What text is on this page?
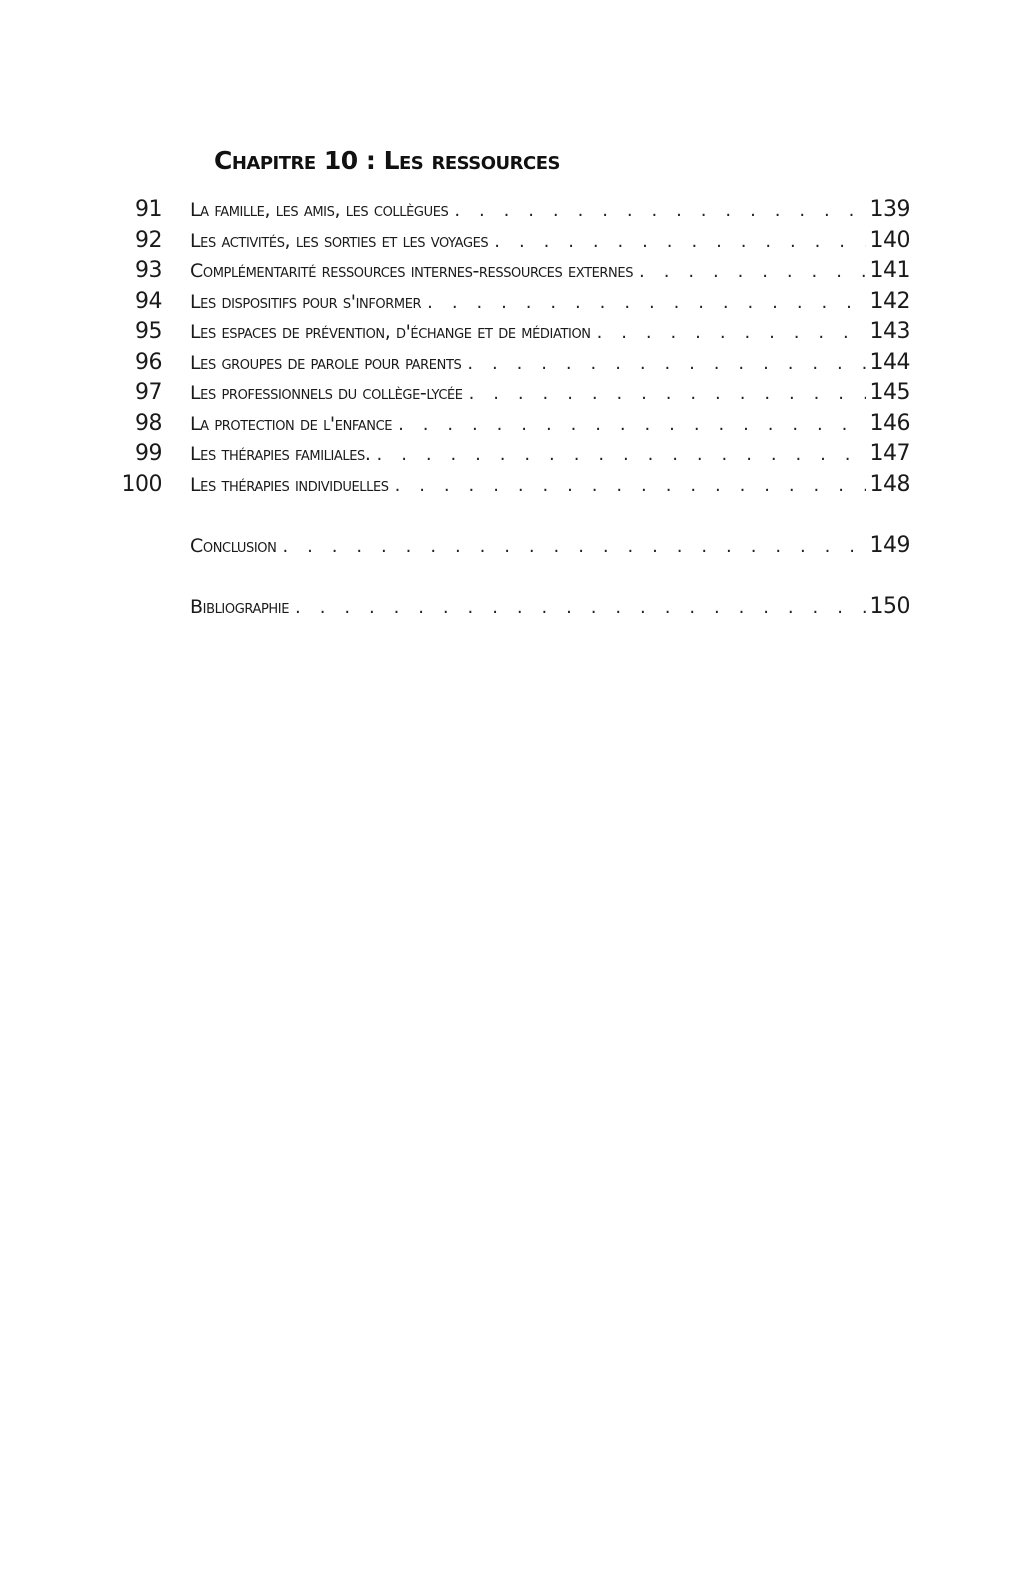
Chapitre 10 : Les ressources
91 La famille, les amis, les collègues . . .	139
92 Les activités, les sorties et les voyages . . .	140
93 Complémentarité ressources internes-ressources externes . . .	141
94 Les dispositifs pour s'informer . . .	142
95 Les espaces de prévention, d'échange et de médiation . . .	143
96 Les groupes de parole pour parents . . .	144
97 Les professionnels du collège-lycée . . .	145
98 La protection de l'enfance . . .	146
99 Les thérapies familiales. . . .	147
100 Les thérapies individuelles . . .	148
Conclusion . . .	149
Bibliographie . . .	150
